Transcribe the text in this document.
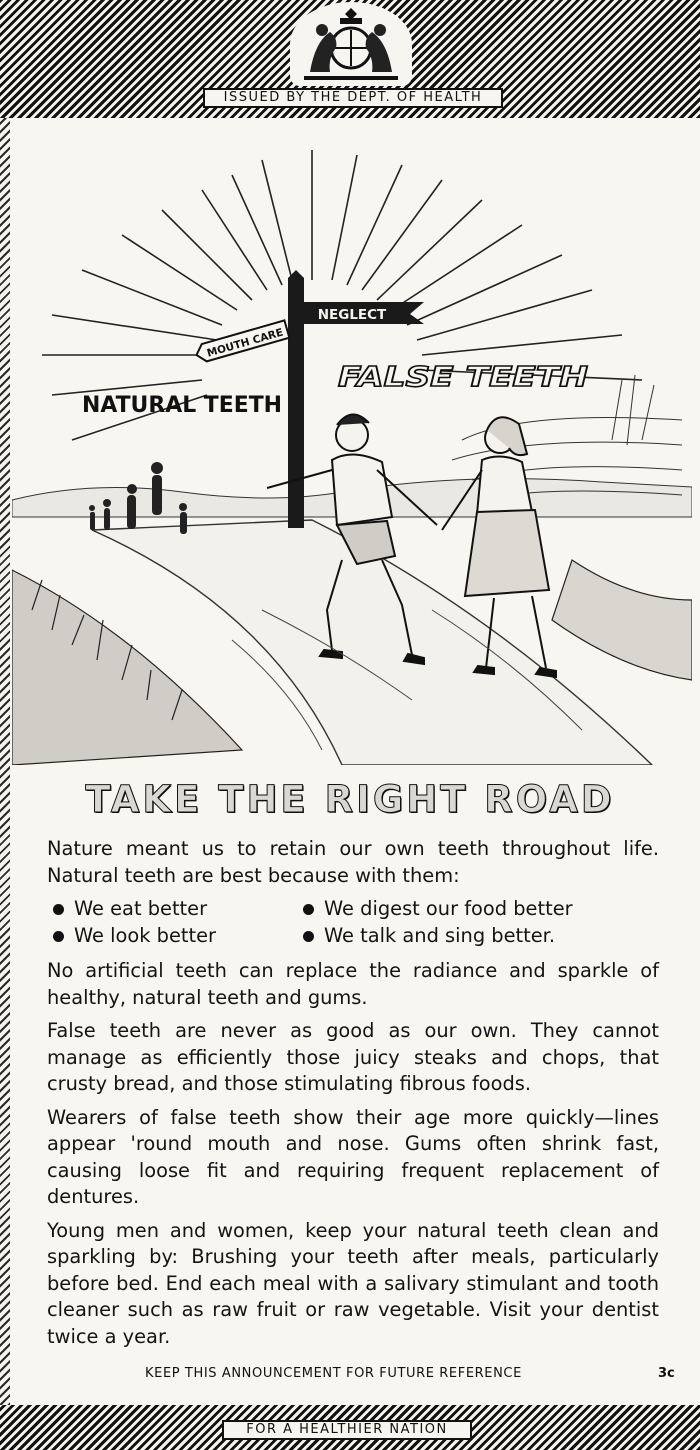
ISSUED BY THE DEPT. OF HEALTH
MOUTH CARE
NEGLECT
NATURAL TEETH
FALSE TEETH
TAKE THE RIGHT ROAD

Nature meant us to retain our own teeth throughout life. Natural teeth are best because with them:

We eat better	We digest our food better
We look better	We talk and sing better.

No artificial teeth can replace the radiance and sparkle of healthy, natural teeth and gums.

False teeth are never as good as our own. They cannot manage as efficiently those juicy steaks and chops, that crusty bread, and those stimulating fibrous foods.

Wearers of false teeth show their age more quickly—lines appear 'round mouth and nose. Gums often shrink fast, causing loose fit and requiring frequent replacement of dentures.

Young men and women, keep your natural teeth clean and sparkling by: Brushing your teeth after meals, particularly before bed. End each meal with a salivary stimulant and tooth cleaner such as raw fruit or raw vegetable. Visit your dentist twice a year.

KEEP THIS ANNOUNCEMENT FOR FUTURE REFERENCE	3c
FOR A HEALTHIER NATION
